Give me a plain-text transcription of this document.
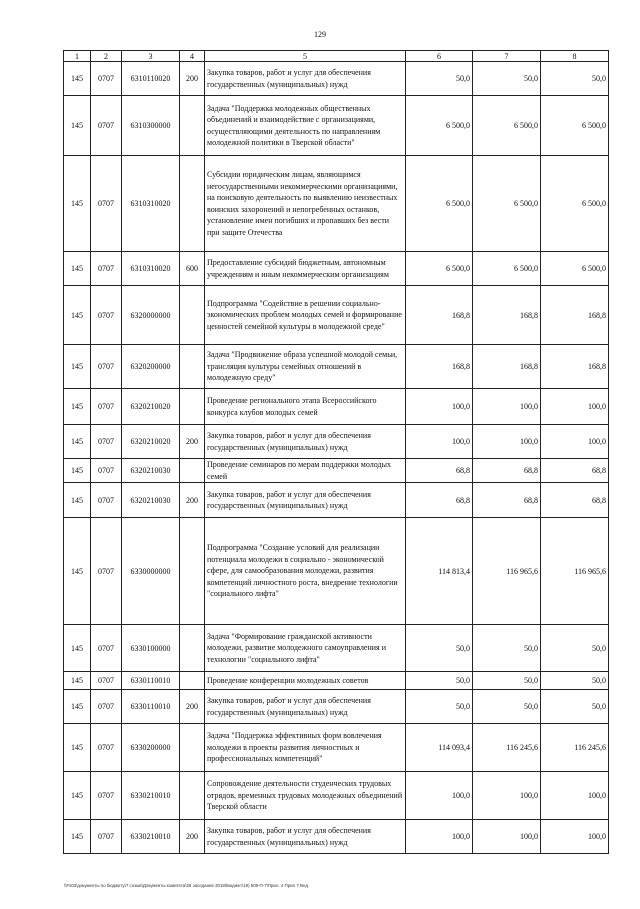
129
1	2	3	4	5	6	7	8
145	0707	6310110020	200	Закупка товаров, работ и услуг для обеспечения государственных (муниципальных) нужд	50,0	50,0	50,0
145	0707	6310300000		Задача "Поддержка молодежных общественных объединений и взаимодействие с организациями, осуществляющими деятельность по направлениям молодежной политики в Тверской области"	6 500,0	6 500,0	6 500,0
145	0707	6310310020		Субсидии юридическим лицам, являющимся негосударственными некоммерческими организациями, на поисковую деятельность по выявлению неизвестных воинских захоронений и непогребенных останков, установление имен погибших и пропавших без вести при защите Отечества	6 500,0	6 500,0	6 500,0
145	0707	6310310020	600	Предоставление субсидий бюджетным, автономным учреждениям и иным некоммерческим организациям	6 500,0	6 500,0	6 500,0
145	0707	6320000000		Подпрограмма "Содействие в решении социально-экономических проблем молодых семей и формирование ценностей семейной культуры в молодежной среде"	168,8	168,8	168,8
145	0707	6320200000		Задача "Продвижение образа успешной молодой семьи, трансляция культуры семейных отношений в молодежную среду"	168,8	168,8	168,8
145	0707	6320210020		Проведение регионального этапа Всероссийского конкурса клубов молодых семей	100,0	100,0	100,0
145	0707	6320210020	200	Закупка товаров, работ и услуг для обеспечения государственных (муниципальных) нужд	100,0	100,0	100,0
145	0707	6320210030		Проведение семинаров по мерам поддержки молодых семей	68,8	68,8	68,8
145	0707	6320210030	200	Закупка товаров, работ и услуг для обеспечения государственных (муниципальных) нужд	68,8	68,8	68,8
145	0707	6330000000		Подпрограмма "Создание условий для реализации потенциала молодежи в социально - экономической сфере, для самообразования молодежи, развития компетенций личностного роста, внедрение технологии "социального лифта"	114 813,4	116 965,6	116 965,6
145	0707	6330100000		Задача "Формирование гражданской активности молодежи, развитие молодежного самоуправления и технологии "социального лифта"	50,0	50,0	50,0
145	0707	6330110010		Проведение конференции молодежных советов	50,0	50,0	50,0
145	0707	6330110010	200	Закупка товаров, работ и услуг для обеспечения государственных (муниципальных) нужд	50,0	50,0	50,0
145	0707	6330200000		Задача "Поддержка эффективных форм вовлечения молодежи в проекты развития личностных и профессиональных компетенций"	114 093,4	116 245,6	116 245,6
145	0707	6330210010		Сопровождение деятельности студенческих трудовых отрядов, временных трудовых молодежных объединений Тверской области	100,0	100,0	100,0
145	0707	6330210010	200	Закупка товаров, работ и услуг для обеспечения государственных (муниципальных) нужд	100,0	100,0	100,0
\\Fs03\документы по бюджету\7 созыв\Документы комитета\28 заседание 2018\Бюджет\19) 508-П-7\Прил. 4 Прил 7 Вед.
